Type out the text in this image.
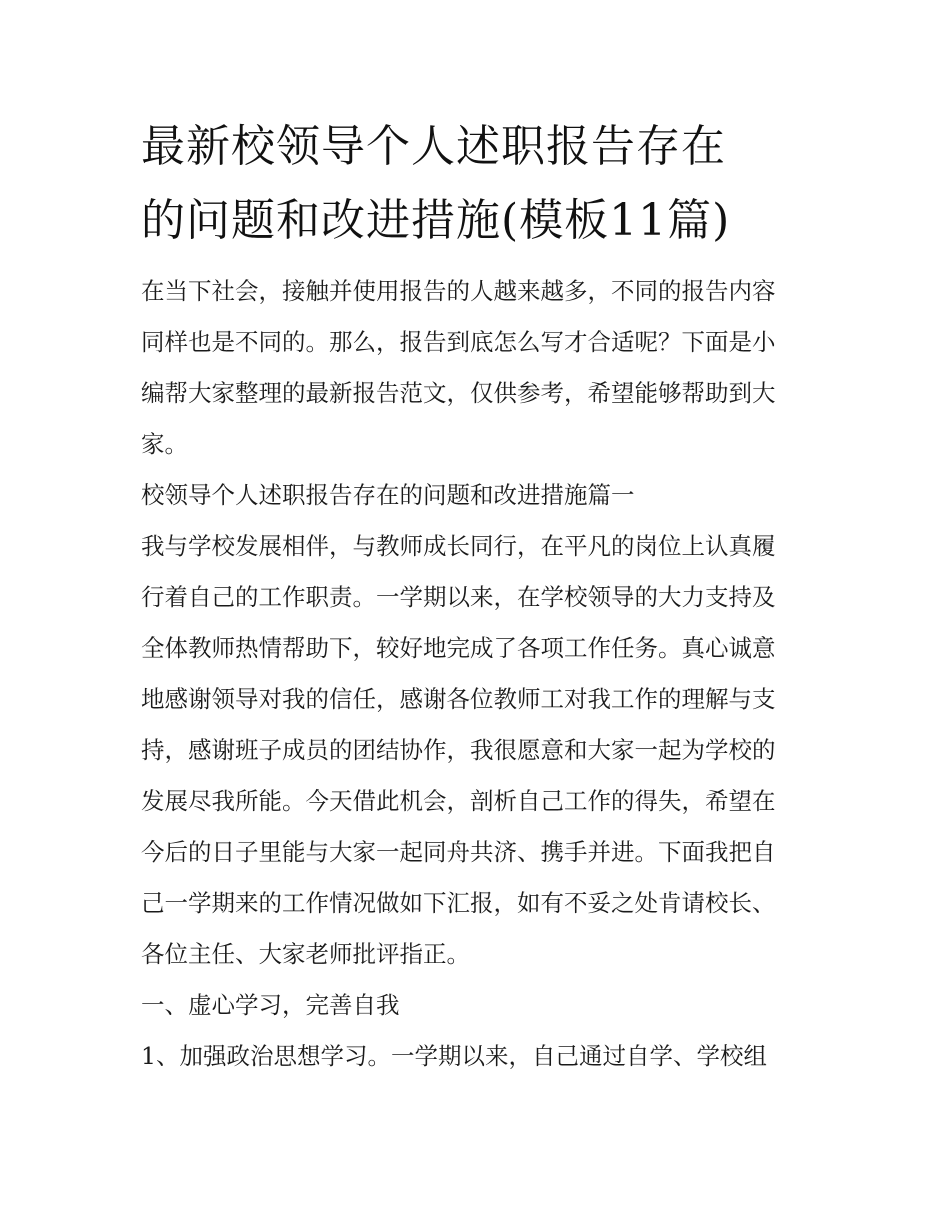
最新校领导个人述职报告存在
的问题和改进措施(模板11篇)
在当下社会，接触并使用报告的人越来越多，不同的报告内容
同样也是不同的。那么，报告到底怎么写才合适呢？下面是小
编帮大家整理的最新报告范文，仅供参考，希望能够帮助到大
家。
校领导个人述职报告存在的问题和改进措施篇一
我与学校发展相伴，与教师成长同行，在平凡的岗位上认真履
行着自己的工作职责。一学期以来，在学校领导的大力支持及
全体教师热情帮助下，较好地完成了各项工作任务。真心诚意
地感谢领导对我的信任，感谢各位教师工对我工作的理解与支
持，感谢班子成员的团结协作，我很愿意和大家一起为学校的
发展尽我所能。今天借此机会，剖析自己工作的得失，希望在
今后的日子里能与大家一起同舟共济、携手并进。下面我把自
己一学期来的工作情况做如下汇报，如有不妥之处肯请校长、
各位主任、大家老师批评指正。
一、虚心学习，完善自我
1、加强政治思想学习。一学期以来，自己通过自学、学校组
